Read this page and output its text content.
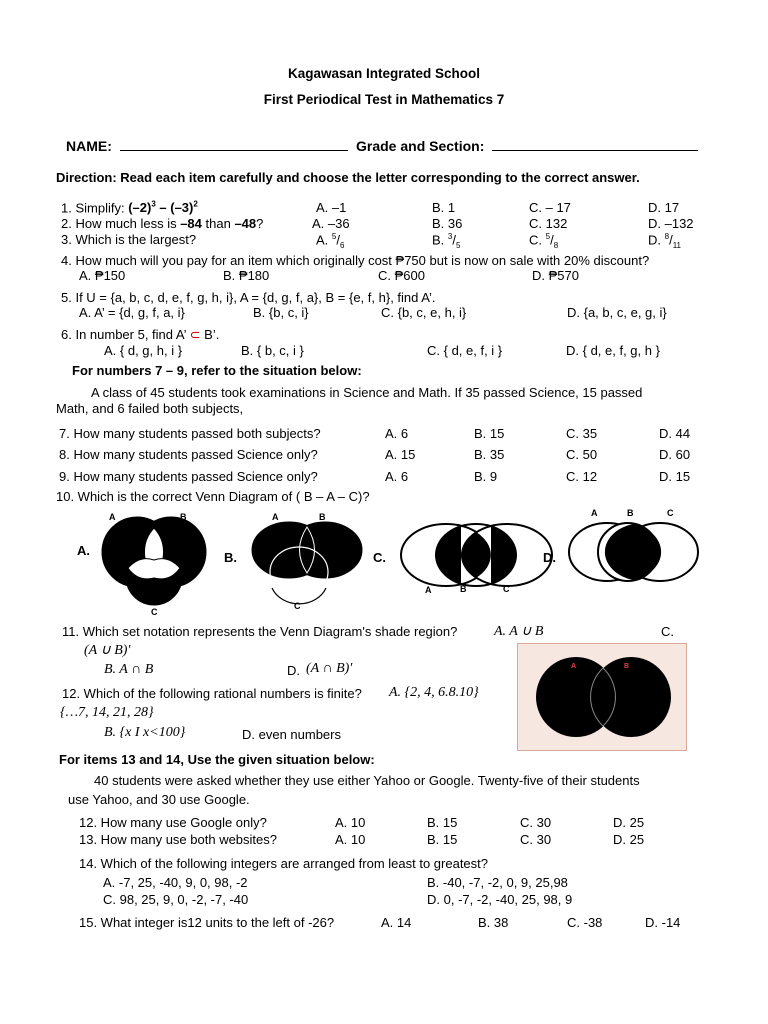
Kagawasan Integrated School
First Periodical Test in Mathematics 7
NAME:	Grade and Section:
Direction: Read each item carefully and choose the letter corresponding to the correct answer.
1. Simplify: $(-2)^3 - (-3)^2$	A. –1	B. 1	C. – 17	D. 17
2. How much less is –84 than –48?	A. –36	B. 36	C. 132	D. –132
3. Which is the largest?	A. $^5/_6$	B. $^3/_5$	C. $^5/_8$	D. $^8/_{11}$
4. How much will you pay for an item which originally cost ₱750 but is now on sale with 20% discount?
A. ₱150	B. ₱180	C. ₱600	D. ₱570
5. If U = {a, b, c, d, e, f, g, h, i}, A = {d, g, f, a}, B = {e, f, h}, find A’.
A. A’ = {d, g, f, a, i}	B. {b, c, i}	C. {b, c, e, h, i}	D. {a, b, c, e, g, i}
6. In number 5, find A’ ⊂ B’.
A. { d, g, h, i }	B. { b, c, i }	C. { d, e, f, i }	D. { d, e, f, g, h }
For numbers 7 – 9, refer to the situation below:
A class of 45 students took examinations in Science and Math. If 35 passed Science, 15 passed
Math, and 6 failed both subjects,
7. How many students passed both subjects?	A. 6	B. 15	C. 35	D. 44
8. How many students passed Science only?	A. 15	B. 35	C. 50	D. 60
9. How many students passed Science only?	A. 6	B. 9	C. 12	D. 15
10. Which is the correct Venn Diagram of ( B – A – C)?
A.
A	B
C
B.
A	B
C
C.
A	B	C
D.
A	B	C
11. Which set notation represents the Venn Diagram's shade region?	A. A ∪ B	C.
(A ∪ B)′
B. A ∩ B	D. (A ∩ B)′	A	B
12. Which of the following rational numbers is finite? A. {2, 4, 6.8.10}
{…7, 14, 21, 28}
B. {x I x<100}	D. even numbers
For items 13 and 14, Use the given situation below:
40 students were asked whether they use either Yahoo or Google. Twenty-five of their students
use Yahoo, and 30 use Google.
12. How many use Google only?	A. 10	B. 15	C. 30	D. 25
13. How many use both websites?	A. 10	B. 15	C. 30	D. 25
14. Which of the following integers are arranged from least to greatest?
A. -7, 25, -40, 9, 0, 98, -2	B. -40, -7, -2, 0, 9, 25,98
C. 98, 25, 9, 0, -2, -7, -40	D. 0, -7, -2, -40, 25, 98, 9
15. What integer is12 units to the left of -26?	A. 14	B. 38	C. -38	D. -14
